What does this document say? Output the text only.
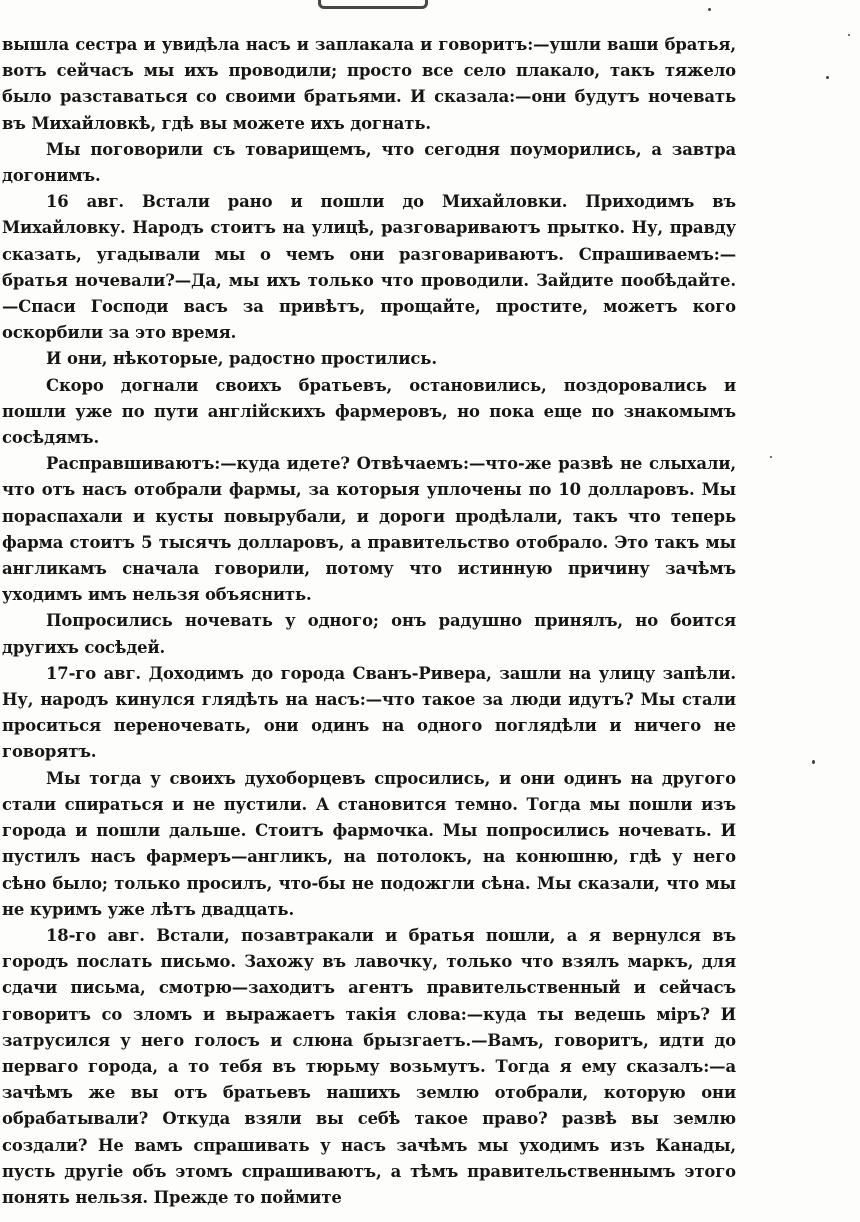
вышла сестра и увидѣла насъ и заплакала и говоритъ:—ушли ваши братья, вотъ сейчасъ мы ихъ проводили; просто все село плакало, такъ тяжело было разставаться со своими братьями. И сказала:—они будутъ ночевать въ Михайловкѣ, гдѣ вы можете ихъ догнать.

Мы поговорили съ товарищемъ, что сегодня поуморились, а завтра догонимъ.

16 авг. Встали рано и пошли до Михайловки. Приходимъ въ Михайловку. Народъ стоитъ на улицѣ, разговариваютъ прытко. Ну, правду сказать, угадывали мы о чемъ они разговариваютъ. Спрашиваемъ:—братья ночевали?—Да, мы ихъ только что проводили. Зайдите пообѣдайте.—Спаси Господи васъ за привѣтъ, прощайте, простите, можетъ кого оскорбили за это время.

И они, нѣкоторые, радостно простились.

Скоро догнали своихъ братьевъ, остановились, поздоровались и пошли уже по пути англiйскихъ фармеровъ, но пока еще по знакомымъ сосѣдямъ.

Расправшиваютъ:—куда идете? Отвѣчаемъ:—что-же развѣ не слыхали, что отъ насъ отобрали фармы, за которыя уплочены по 10 долларовъ. Мы пораспахали и кусты повырубали, и дороги продѣлали, такъ что теперь фарма стоитъ 5 тысячъ долларовъ, а правительство отобрало. Это такъ мы англикамъ сначала говорили, потому что истинную причину зачѣмъ уходимъ имъ нельзя объяснить.

Попросились ночевать у одного; онъ радушно принялъ, но боится другихъ сосѣдей.

17-го авг. Доходимъ до города Сванъ-Ривера, зашли на улицу запѣли. Ну, народъ кинулся глядѣть на насъ:—что такое за люди идутъ? Мы стали проситься переночевать, они одинъ на одного поглядѣли и ничего не говорятъ.

Мы тогда у своихъ духоборцевъ спросились, и они одинъ на другого стали спираться и не пустили. А становится темно. Тогда мы пошли изъ города и пошли дальше. Стоитъ фармочка. Мы попросились ночевать. И пустилъ насъ фармеръ—англикъ, на потолокъ, на конюшню, гдѣ у него сѣно было; только просилъ, что-бы не подожгли сѣна. Мы сказали, что мы не куримъ уже лѣтъ двадцать.

18-го авг. Встали, позавтракали и братья пошли, а я вернулся въ городъ послать письмо. Захожу въ лавочку, только что взялъ маркъ, для сдачи письма, смотрю—заходитъ агентъ правительственный и сейчасъ говоритъ со зломъ и выражаетъ такiя слова:—куда ты ведешь мiръ? И затрусился у него голосъ и слюна брызгаетъ.—Вамъ, говоритъ, идти до перваго города, а то тебя въ тюрьму возьмутъ. Тогда я ему сказалъ:—а зачѣмъ же вы отъ братьевъ нашихъ землю отобрали, которую они обрабатывали? Откуда взяли вы себѣ такое право? развѣ вы землю создали? Не вамъ спрашивать у насъ зачѣмъ мы уходимъ изъ Канады, пусть другiе объ этомъ спрашиваютъ, а тѣмъ правительственнымъ этого понять нельзя. Прежде то поймите
